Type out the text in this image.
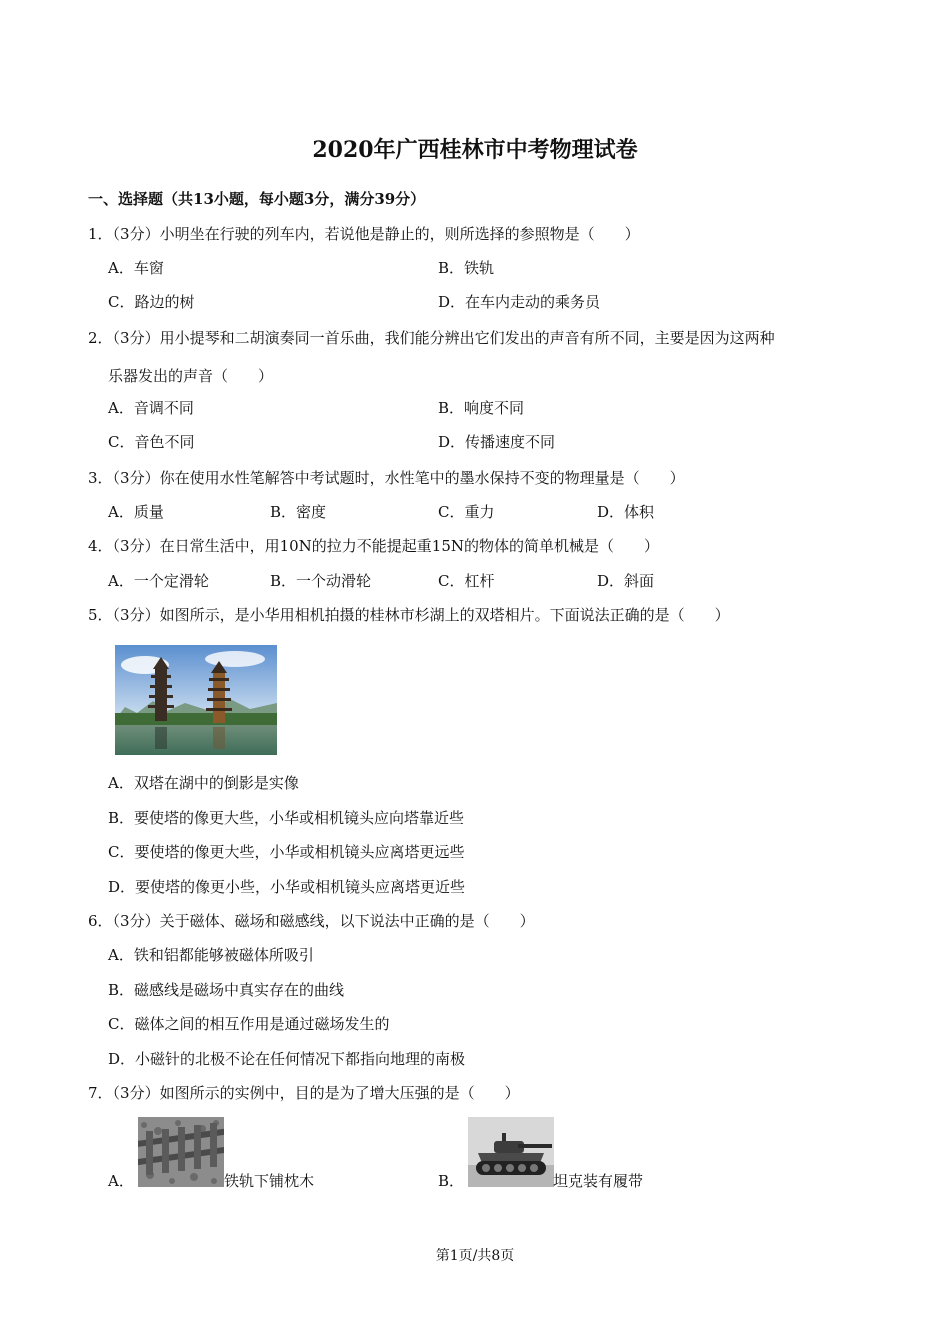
2020年广西桂林市中考物理试卷
一、选择题（共13小题，每小题3分，满分39分）
1．（3分）小明坐在行驶的列车内，若说他是静止的，则所选择的参照物是（　　）
A．车窗	B．铁轨
C．路边的树	D．在车内走动的乘务员
2．（3分）用小提琴和二胡演奏同一首乐曲，我们能分辨出它们发出的声音有所不同，主要是因为这两种
乐器发出的声音（　　）
A．音调不同	B．响度不同
C．音色不同	D．传播速度不同
3．（3分）你在使用水性笔解答中考试题时，水性笔中的墨水保持不变的物理量是（　　）
A．质量	B．密度	C．重力	D．体积
4．（3分）在日常生活中，用10N的拉力不能提起重15N的物体的简单机械是（　　）
A．一个定滑轮	B．一个动滑轮	C．杠杆	D．斜面
5．（3分）如图所示，是小华用相机拍摄的桂林市杉湖上的双塔相片。下面说法正确的是（　　）
A．双塔在湖中的倒影是实像
B．要使塔的像更大些，小华或相机镜头应向塔靠近些
C．要使塔的像更大些，小华或相机镜头应离塔更远些
D．要使塔的像更小些，小华或相机镜头应离塔更近些
6．（3分）关于磁体、磁场和磁感线，以下说法中正确的是（　　）
A．铁和铝都能够被磁体所吸引
B．磁感线是磁场中真实存在的曲线
C．磁体之间的相互作用是通过磁场发生的
D．小磁针的北极不论在任何情况下都指向地理的南极
7．（3分）如图所示的实例中，目的是为了增大压强的是（　　）
A．	铁轨下铺枕木	B．	坦克装有履带
第1页/共8页
